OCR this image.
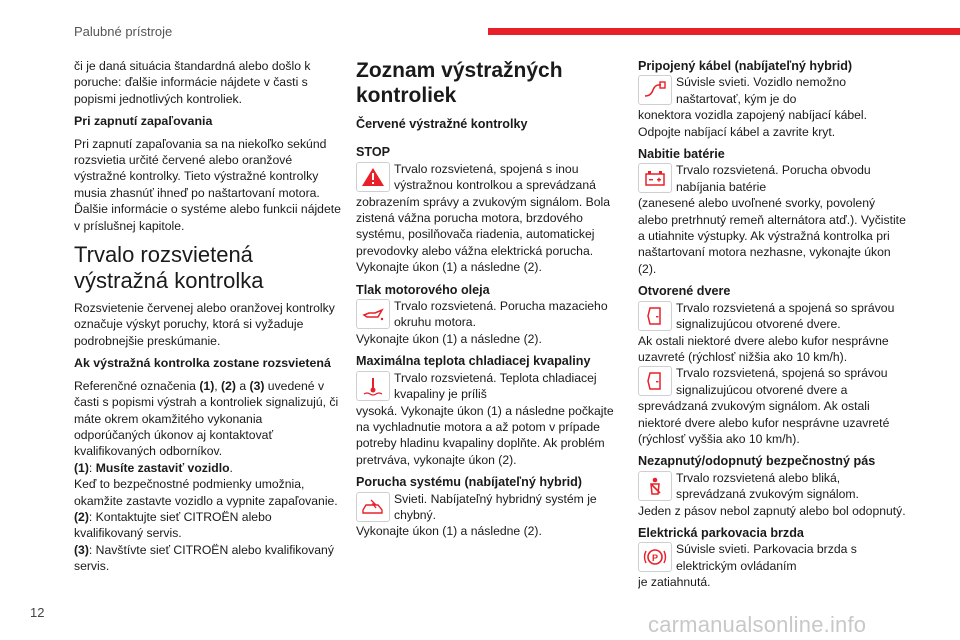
Palubné prístroje

či je daná situácia štandardná alebo došlo k poruche: ďalšie informácie nájdete v časti s popismi jednotlivých kontroliek.

Pri zapnutí zapaľovania

Pri zapnutí zapaľovania sa na niekoľko sekúnd rozsvietia určité červené alebo oranžové výstražné kontrolky. Tieto výstražné kontrolky musia zhasnúť ihneď po naštartovaní motora. Ďalšie informácie o systéme alebo funkcii nájdete v príslušnej kapitole.

Trvalo rozsvietená výstražná kontrolka

Rozsvietenie červenej alebo oranžovej kontrolky označuje výskyt poruchy, ktorá si vyžaduje podrobnejšie preskúmanie.

Ak výstražná kontrolka zostane rozsvietená

Referenčné označenia (1), (2) a (3) uvedené v časti s popismi výstrah a kontroliek signalizujú, či máte okrem okamžitého vykonania odporúčaných úkonov aj kontaktovať kvalifikovaných odborníkov.

(1): Musíte zastaviť vozidlo.
Keď to bezpečnostné podmienky umožnia, okamžite zastavte vozidlo a vypnite zapaľovanie.
(2): Kontaktujte sieť CITROËN alebo kvalifikovaný servis.
(3): Navštívte sieť CITROËN alebo kvalifikovaný servis.
Zoznam výstražných kontroliek
Červené výstražné kontrolky
STOP
Trvalo rozsvietená, spojená s inou výstražnou kontrolkou a sprevádzaná
zobrazením správy a zvukovým signálom. Bola zistená vážna porucha motora, brzdového systému, posilňovača riadenia, automatickej prevodovky alebo vážna elektrická porucha. Vykonajte úkon (1) a následne (2).
Tlak motorového oleja
Trvalo rozsvietená. Porucha mazacieho okruhu motora.
Vykonajte úkon (1) a následne (2).
Maximálna teplota chladiacej kvapaliny
Trvalo rozsvietená. Teplota chladiacej kvapaliny je príliš
vysoká. Vykonajte úkon (1) a následne počkajte na vychladnutie motora a až potom v prípade potreby hladinu kvapaliny doplňte. Ak problém pretrváva, vykonajte úkon (2).
Porucha systému (nabíjateľný hybrid)
Svieti. Nabíjateľný hybridný systém je chybný.
Vykonajte úkon (1) a následne (2).
Pripojený kábel (nabíjateľný hybrid)
Súvisle svieti. Vozidlo nemožno naštartovať, kým je do
konektora vozidla zapojený nabíjací kábel. Odpojte nabíjací kábel a zavrite kryt.
Nabitie batérie
Trvalo rozsvietená. Porucha obvodu nabíjania batérie
(zanesené alebo uvoľnené svorky, povolený alebo pretrhnutý remeň alternátora atď.). Vyčistite a utiahnite výstupky. Ak výstražná kontrolka pri naštartovaní motora nezhasne, vykonajte úkon (2).
Otvorené dvere
Trvalo rozsvietená a spojená so správou signalizujúcou otvorené dvere.
Ak ostali niektoré dvere alebo kufor nesprávne uzavreté (rýchlosť nižšia ako 10 km/h).
Trvalo rozsvietená, spojená so správou signalizujúcou otvorené dvere a
sprevádzaná zvukovým signálom. Ak ostali niektoré dvere alebo kufor nesprávne uzavreté (rýchlosť vyššia ako 10 km/h).
Nezapnutý/odopnutý bezpečnostný pás
Trvalo rozsvietená alebo bliká, sprevádzaná zvukovým signálom.
Jeden z pásov nebol zapnutý alebo bol odopnutý.
Elektrická parkovacia brzda
P
Súvisle svieti. Parkovacia brzda s elektrickým ovládaním
je zatiahnutá.
12	carmanualsonline.info
